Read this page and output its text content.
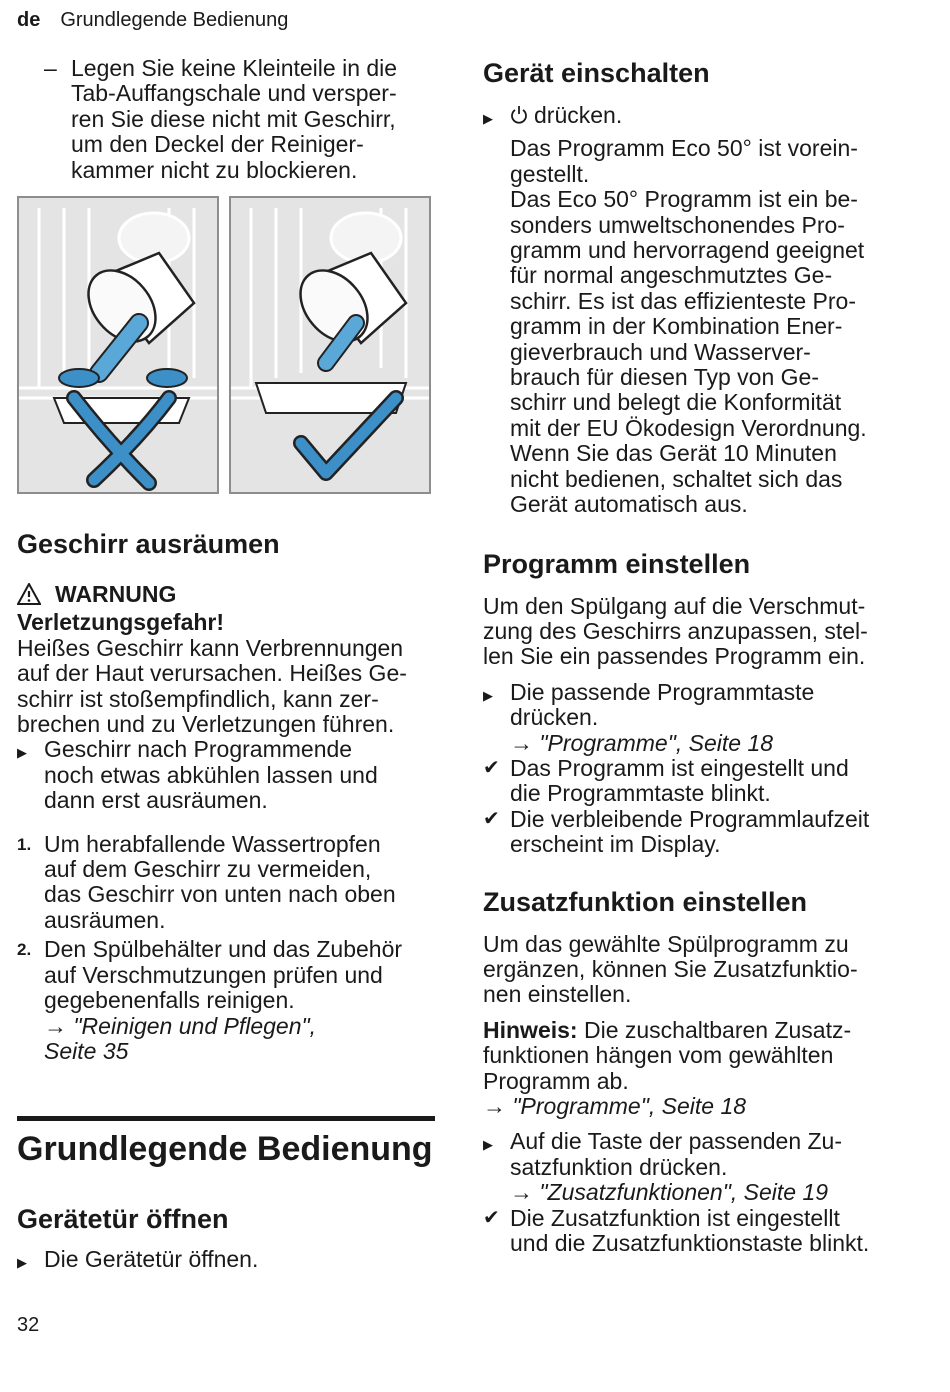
de Grundlegende Bedienung
– Legen Sie keine Kleinteile in die
Tab-Auffangschale und versper-
ren Sie diese nicht mit Geschirr,
um den Deckel der Reiniger-
kammer nicht zu blockieren.
Geschirr ausräumen
WARNUNG
Verletzungsgefahr!
Heißes Geschirr kann Verbrennungen
auf der Haut verursachen. Heißes Ge-
schirr ist stoßempfindlich, kann zer-
brechen und zu Verletzungen führen.
▶ Geschirr nach Programmende
noch etwas abkühlen lassen und
dann erst ausräumen.
1. Um herabfallende Wassertropfen
auf dem Geschirr zu vermeiden,
das Geschirr von unten nach oben
ausräumen.
2. Den Spülbehälter und das Zubehör
auf Verschmutzungen prüfen und
gegebenenfalls reinigen.
→ "Reinigen und Pflegen",
Seite 35
Grundlegende Bedienung
Gerätetür öffnen
▶ Die Gerätetür öffnen.
Gerät einschalten
▶	drücken.
Das Programm Eco 50° ist vorein-
gestellt.
Das Eco 50° Programm ist ein be-
sonders umweltschonendes Pro-
gramm und hervorragend geeignet
für normal angeschmutztes Ge-
schirr. Es ist das effizienteste Pro-
gramm in der Kombination Ener-
gieverbrauch und Wasserver-
brauch für diesen Typ von Ge-
schirr und belegt die Konformität
mit der EU Ökodesign Verordnung.
Wenn Sie das Gerät 10 Minuten
nicht bedienen, schaltet sich das
Gerät automatisch aus.
Programm einstellen
Um den Spülgang auf die Verschmut-
zung des Geschirrs anzupassen, stel-
len Sie ein passendes Programm ein.
▶ Die passende Programmtaste
drücken.
→ "Programme", Seite 18
✔ Das Programm ist eingestellt und
die Programmtaste blinkt.
✔ Die verbleibende Programmlaufzeit
erscheint im Display.
Zusatzfunktion einstellen
Um das gewählte Spülprogramm zu
ergänzen, können Sie Zusatzfunktio-
nen einstellen.
Hinweis: Die zuschaltbaren Zusatz-
funktionen hängen vom gewählten
Programm ab.
→ "Programme", Seite 18
▶ Auf die Taste der passenden Zu-
satzfunktion drücken.
→ "Zusatzfunktionen", Seite 19
✔ Die Zusatzfunktion ist eingestellt
und die Zusatzfunktionstaste blinkt.
32
